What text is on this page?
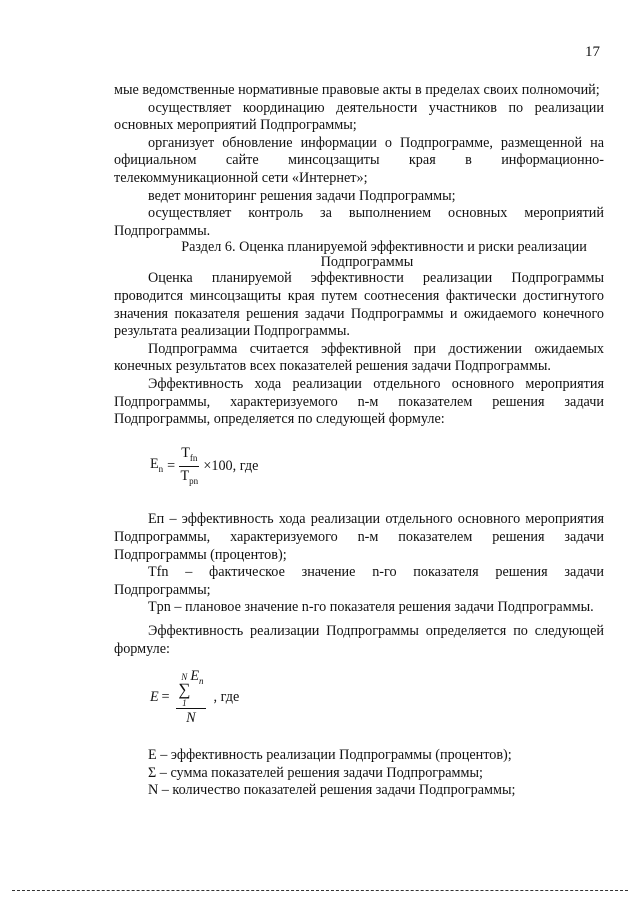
17

мые ведомственные нормативные правовые акты в пределах своих полномочий;

осуществляет координацию деятельности участников по реализации основных мероприятий Подпрограммы;

организует обновление информации о Подпрограмме, размещенной на официальном сайте минсоцзащиты края в информационно-телекоммуникационной сети «Интернет»;

ведет мониторинг решения задачи Подпрограммы;

осуществляет контроль за выполнением основных мероприятий Подпрограммы.

Раздел 6. Оценка планируемой эффективности и риски реализации Подпрограммы

Оценка планируемой эффективности реализации Подпрограммы проводится минсоцзащиты края путем соотнесения фактически достигнутого значения показателя решения задачи Подпрограммы и ожидаемого конечного результата реализации Подпрограммы.

Подпрограмма считается эффективной при достижении ожидаемых конечных результатов всех показателей решения задачи Подпрограммы.

Эффективность хода реализации отдельного основного мероприятия Подпрограммы, характеризуемого n-м показателем решения задачи Подпрограммы, определяется по следующей формуле:

$E_n = \frac{T_{fn}}{T_{pn}} \times 100$, где

Eп – эффективность хода реализации отдельного основного мероприятия Подпрограммы, характеризуемого n-м показателем решения задачи Подпрограммы (процентов);

Тfn – фактическое значение n-го показателя решения задачи Подпрограммы;

Tpn – плановое значение n-го показателя решения задачи Подпрограммы.

Эффективность реализации Подпрограммы определяется по следующей формуле:

E = N
∑
1
$E_n$
N , где

E – эффективность реализации Подпрограммы (процентов);

Σ – сумма показателей решения задачи Подпрограммы;

N – количество показателей решения задачи Подпрограммы;
